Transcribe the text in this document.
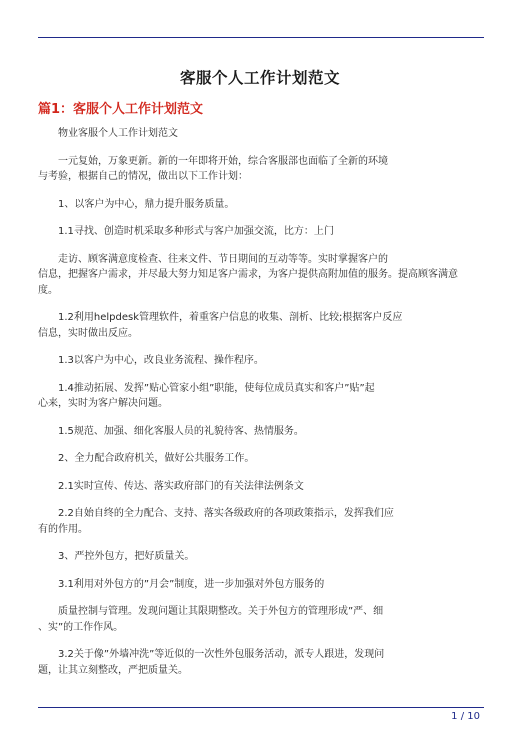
客服个人工作计划范文
篇1：客服个人工作计划范文
物业客服个人工作计划范文
一元复始，万象更新。新的一年即将开始，综合客服部也面临了全新的环境
与考验，根据自己的情况，做出以下工作计划：
1、以客户为中心，鼎力提升服务质量。
1.1寻找、创造时机采取多种形式与客户加强交流，比方：上门
走访、顾客满意度检查、往来文件、节日期间的互动等等。实时掌握客户的
信息，把握客户需求，并尽最大努力知足客户需求，为客户提供高附加值的服务。提高顾客满意
度。
1.2利用helpdesk管理软件，着重客户信息的收集、剖析、比较;根据客户反应
信息，实时做出反应。
1.3以客户为中心，改良业务流程、操作程序。
1.4推动拓展、发挥”贴心管家小组”职能，使每位成员真实和客户”贴”起
心来，实时为客户解决问题。
1.5规范、加强、细化客服人员的礼貌待客、热情服务。
2、全力配合政府机关，做好公共服务工作。
2.1实时宣传、传达、落实政府部门的有关法律法例条文
2.2自始自终的全力配合、支持、落实各级政府的各项政策指示，发挥我们应
有的作用。
3、严控外包方，把好质量关。
3.1利用对外包方的”月会”制度，进一步加强对外包方服务的
质量控制与管理。发现问题让其限期整改。关于外包方的管理形成”严、细
、实”的工作作风。
3.2关于像”外墙冲洗”等近似的一次性外包服务活动，派专人跟进，发现问
题，让其立刻整改，严把质量关。
1 / 10
